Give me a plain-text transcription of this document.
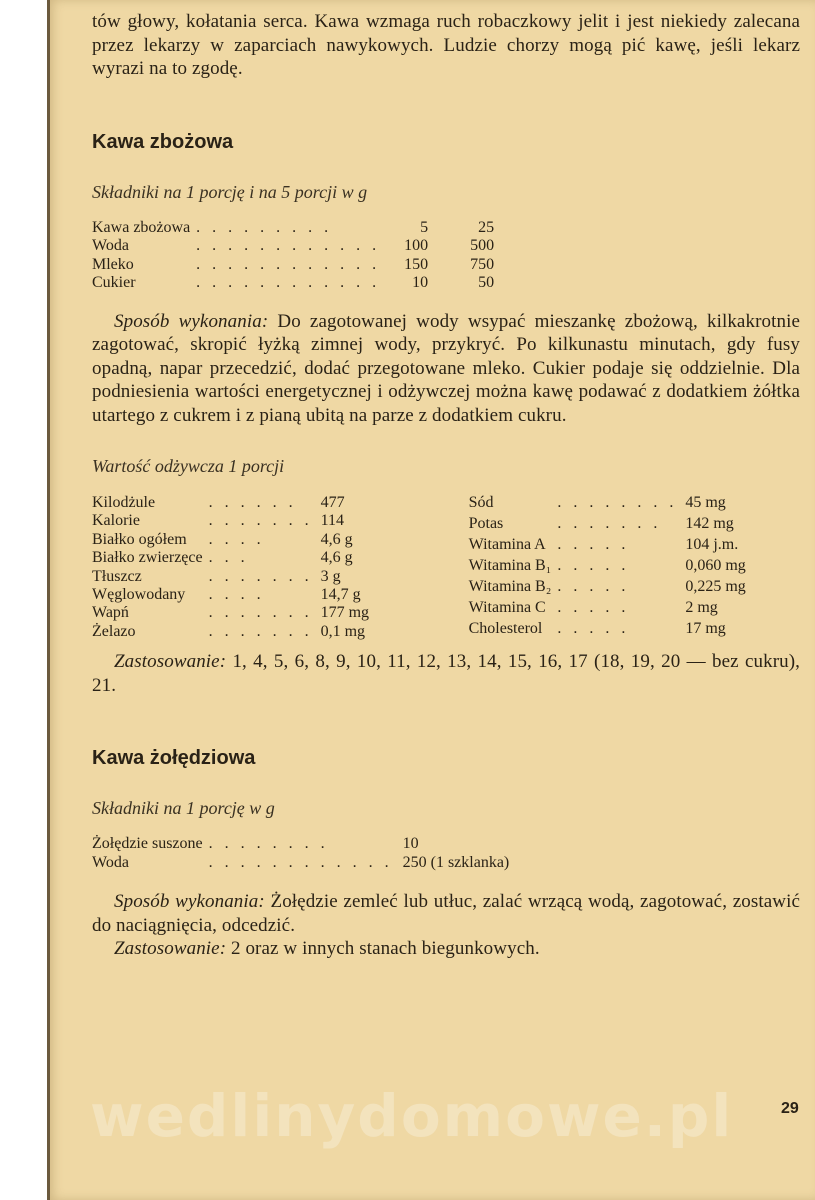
tów głowy, kołatania serca. Kawa wzmaga ruch robaczkowy jelit i jest niekiedy zalecana przez lekarzy w zaparciach nawykowych. Ludzie chorzy mogą pić kawę, jeśli lekarz wyrazi na to zgodę.

Kawa zbożowa

Składniki na 1 porcję i na 5 porcji w g

Kawa zbożowa	. . . . . . . . .	5	25
Woda	. . . . . . . . . . . .	100	500
Mleko	. . . . . . . . . . . .	150	750
Cukier	. . . . . . . . . . . .	10	50

Sposób wykonania: Do zagotowanej wody wsypać mieszankę zbożową, kilkakrotnie zagotować, skropić łyżką zimnej wody, przykryć. Po kilkunastu minutach, gdy fusy opadną, napar przecedzić, dodać przegotowane mleko. Cukier podaje się oddzielnie. Dla podniesienia wartości energetycznej i odżywczej można kawę podawać z dodatkiem żółtka utartego z cukrem i z pianą ubitą na parze z dodatkiem cukru.

Wartość odżywcza 1 porcji

Kilodżule	. . . . . .	477
Kalorie	. . . . . . .	114
Białko ogółem	. . . .	4,6 g
Białko zwierzęce	. . .	4,6 g
Tłuszcz	. . . . . . .	3 g
Węglowodany	. . . .	14,7 g
Wapń	. . . . . . .	177 mg
Żelazo	. . . . . . .	0,1 mg
Sód	. . . . . . . .	45 mg
Potas	. . . . . . .	142 mg
Witamina A	. . . . .	104 j.m.
Witamina B₁	. . . . .	0,060 mg
Witamina B₂	. . . . .	0,225 mg
Witamina C	. . . . .	2 mg
Cholesterol	. . . . .	17 mg

Zastosowanie: 1, 4, 5, 6, 8, 9, 10, 11, 12, 13, 14, 15, 16, 17 (18, 19, 20 — bez cukru), 21.

Kawa żołędziowa

Składniki na 1 porcję w g

Żołędzie suszone	. . . . . . . .	10
Woda	. . . . . . . . . . . .	250 (1 szklanka)

Sposób wykonania: Żołędzie zemleć lub utłuc, zalać wrzącą wodą, zagotować, zostawić do naciągnięcia, odcedzić.

Zastosowanie: 2 oraz w innych stanach biegunkowych.

wedlinydomowe.pl	29
